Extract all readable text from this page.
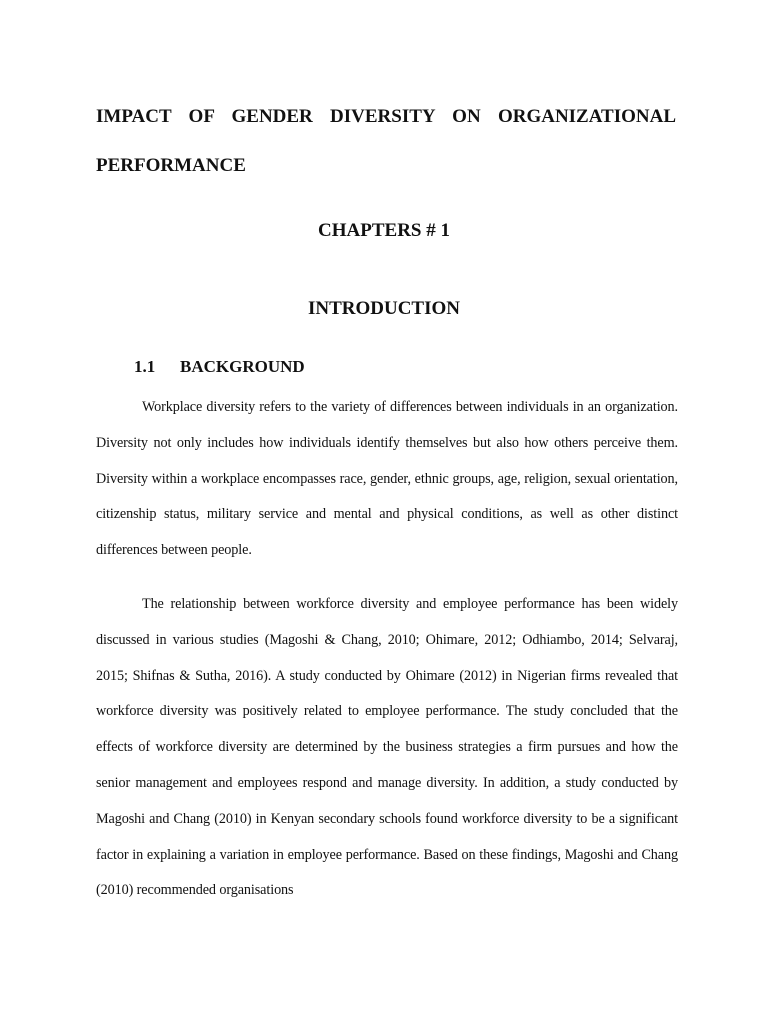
IMPACT OF GENDER DIVERSITY ON ORGANIZATIONAL PERFORMANCE
CHAPTERS # 1
INTRODUCTION
1.1	BACKGROUND

Workplace diversity refers to the variety of differences between individuals in an organization. Diversity not only includes how individuals identify themselves but also how others perceive them. Diversity within a workplace encompasses race, gender, ethnic groups, age, religion, sexual orientation, citizenship status, military service and mental and physical conditions, as well as other distinct differences between people.

The relationship between workforce diversity and employee performance has been widely discussed in various studies (Magoshi & Chang, 2010; Ohimare, 2012; Odhiambo, 2014; Selvaraj, 2015; Shifnas & Sutha, 2016). A study conducted by Ohimare (2012) in Nigerian firms revealed that workforce diversity was positively related to employee performance. The study concluded that the effects of workforce diversity are determined by the business strategies a firm pursues and how the senior management and employees respond and manage diversity. In addition, a study conducted by Magoshi and Chang (2010) in Kenyan secondary schools found workforce diversity to be a significant factor in explaining a variation in employee performance. Based on these findings, Magoshi and Chang (2010) recommended organisations
